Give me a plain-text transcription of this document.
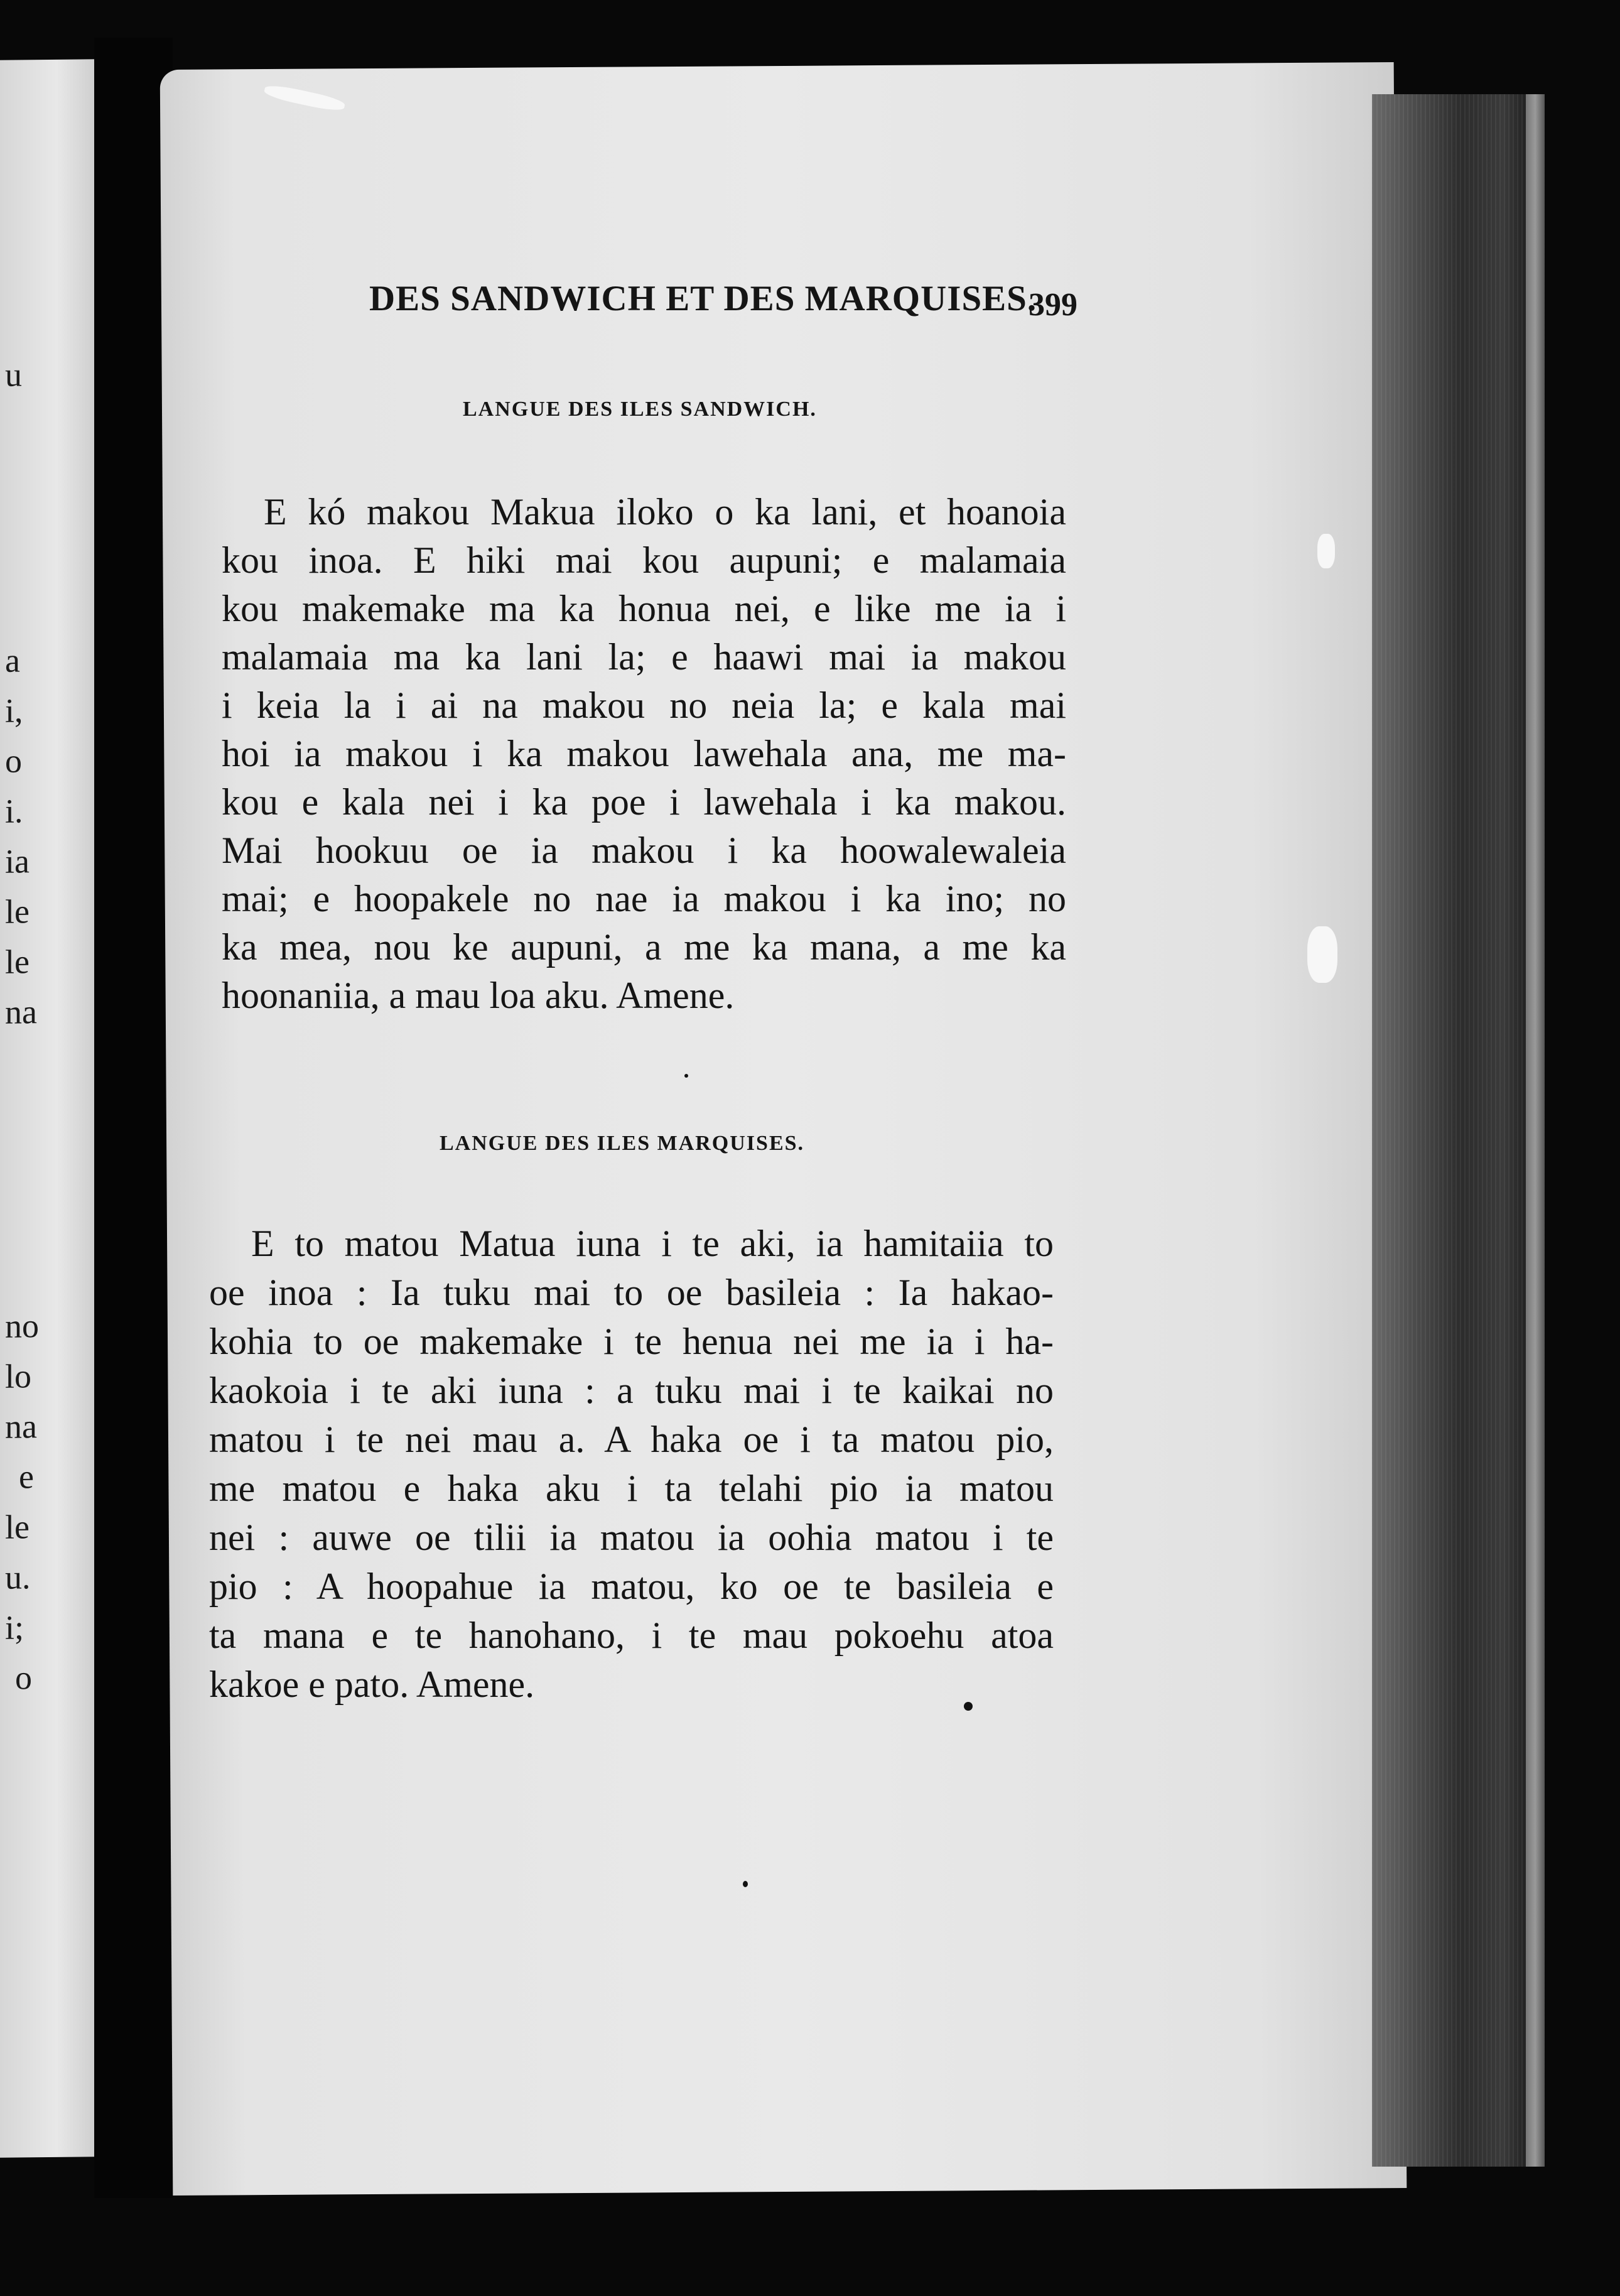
u
a
i,
o
i.
ia
le
le
na
no
lo
na
e
le
u.
i;
o
DES SANDWICH ET DES MARQUISES.
399
LANGUE DES ILES SANDWICH.
E kó makou Makua iloko o ka lani, et hoanoia
kou inoa. E hiki mai kou aupuni; e malamaia
kou makemake ma ka honua nei, e like me ia i
malamaia ma ka lani la; e haawi mai ia makou
i keia la i ai na makou no neia la; e kala mai
hoi ia makou i ka makou lawehala ana, me ma-
kou e kala nei i ka poe i lawehala i ka makou.
Mai hookuu oe ia makou i ka hoowalewaleia
mai; e hoopakele no nae ia makou i ka ino; no
ka mea, nou ke aupuni, a me ka mana, a me ka
hoonaniia, a mau loa aku. Amene.
LANGUE DES ILES MARQUISES.
E to matou Matua iuna i te aki, ia hamitaiia to
oe inoa : Ia tuku mai to oe basileia : Ia hakao-
kohia to oe makemake i te henua nei me ia i ha-
kaokoia i te aki iuna : a tuku mai i te kaikai no
matou i te nei mau a. A haka oe i ta matou pio,
me matou e haka aku i ta telahi pio ia matou
nei : auwe oe tilii ia matou ia oohia matou i te
pio : A hoopahue ia matou, ko oe te basileia e
ta mana e te hanohano, i te mau pokoehu atoa
kakoe e pato. Amene.
